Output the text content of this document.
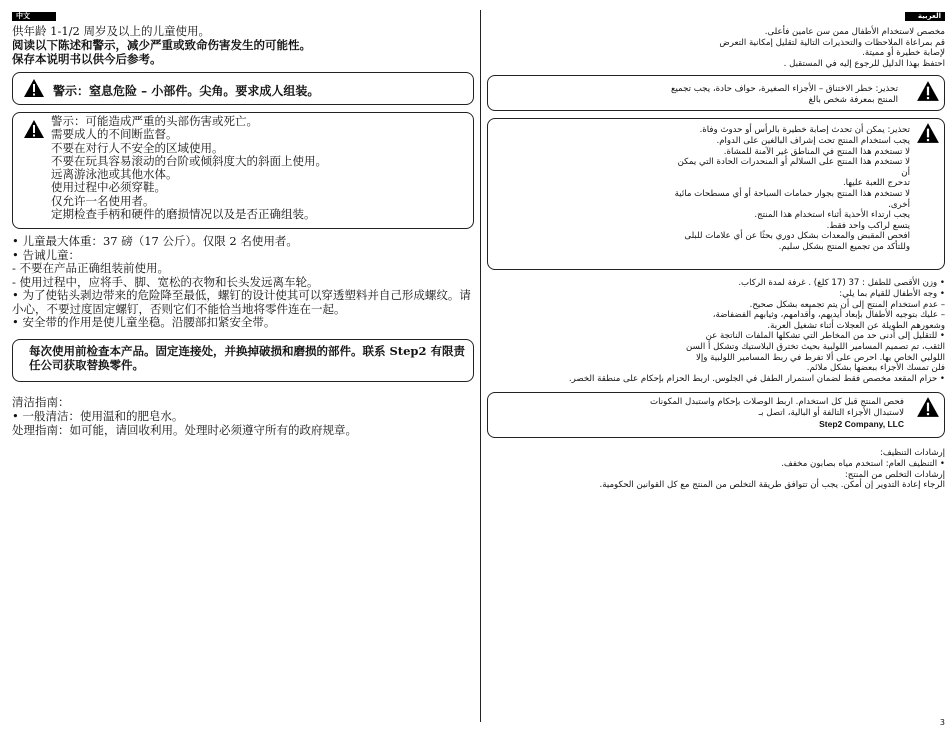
中文

供年龄 1-1/2 周岁及以上的儿童使用。

阅读以下陈述和警示，减少严重或致命伤害发生的可能性。

保存本说明书以供今后参考。

警示：窒息危险 – 小部件。尖角。要求成人组装。

警示：可能造成严重的头部伤害或死亡。

需要成人的不间断监督。

不要在对行人不安全的区域使用。

不要在玩具容易滚动的台阶或倾斜度大的斜面上使用。

远离游泳池或其他水体。

使用过程中必须穿鞋。

仅允许一名使用者。

定期检查手柄和硬件的磨损情况以及是否正确组装。

• 儿童最大体重：37 磅（17 公斤）。仅限 2 名使用者。
• 告诫儿童：
- 不要在产品正确组装前使用。
- 使用过程中，应将手、脚、宽松的衣物和长头发远离车轮。
• 为了使钻头剥边带来的危险降至最低，螺钉的设计使其可以穿透塑料并自己形成螺纹。请小心，不要过度固定螺钉，否则它们不能恰当地将零件连在一起。
• 安全带的作用是使儿童坐稳。沿腰部扣紧安全带。
每次使用前检查本产品。固定连接处，并换掉破损和磨损的部件。联系 Step2 有限责任公司获取替换零件。

清洁指南：

• 一般清洁：使用温和的肥皂水。

处理指南：如可能，请回收利用。处理时必须遵守所有的政府规章。

العربية

مخصص لاستخدام الأطفال ممن سن عامين فأعلى.

قم بمراعاة الملاحظات والتحذيرات التالية لتقليل إمكانية التعرض

لإصابة خطيرة أو مميتة.

احتفظ بهذا الدليل للرجوع إليه في المستقبل .

تحذير: خطر الاختناق – الأجزاء الصغيرة، حواف حادة، يجب تجميع

المنتج بمعرفة شخص بالغ

تحذير: يمكن أن تحدث إصابة خطيرة بالرأس أو حدوث وفاة.

يجب استخدام المنتج تحت إشراف البالغين على الدوام.

لا تستخدم هذا المنتج في المناطق غير الآمنة للمشاة.

لا تستخدم هذا المنتج على السلالم أو المنحدرات الحادة التي يمكن أن

تدحرج اللعبة عليها.

لا تستخدم هذا المنتج بجوار حمامات السباحة أو أي مسطحات مائية

أخرى.

يجب ارتداء الأحذية أثناء استخدام هذا المنتج.

يتسع لراكب واحد فقط.

افحص المقبض والمعدات بشكل دوري بحثًا عن أي علامات للبلى

وللتأكد من تجميع المنتج بشكل سليم.

• وزن الأقصى للطفل : 37 (17 كلغ) . غرفة لمدة الركاب.

• وجه الأطفال للقيام بما يلي:

– عدم استخدام المنتج إلى أن يتم تجميعه بشكل صحيح.

– عليك بتوجيه الأطفال بإبعاد أيديهم، وأقدامهم، وثيابهم الفضفاضة،

وشعورهم الطويلة عن العجلات أثناء تشغيل العربة.

• للتقليل إلى أدنى حد من المخاطر التي تشكلها الملفات الناتجة عن

الثقب، تم تصميم المسامير اللولبية بحيث تخترق البلاستيك وتشكل أ السن

اللولبي الخاص بها. احرص على ألا تفرط في ربط المسامير اللولبية وإلا

فلن تمسك الأجزاء ببعضها بشكل ملائم.

• حزام المقعد مخصص فقط لضمان استمرار الطفل في الجلوس. اربط الحزام بإحكام على منطقة الخصر.

فحص المنتج قبل كل استخدام. اربط الوصلات بإحكام واستبدل المكونات

لاستبدال الأجزاء التالفة أو البالية، اتصل بـ

Step2 Company, LLC

إرشادات التنظيف:

• التنظيف العام: استخدم مياه بصابون مخفف.

إرشادات التخلص من المنتج:

الرجاء إعادة التدوير إن أمكن. يجب أن تتوافق طريقة التخلص من المنتج مع كل القوانين الحكومية.

3
